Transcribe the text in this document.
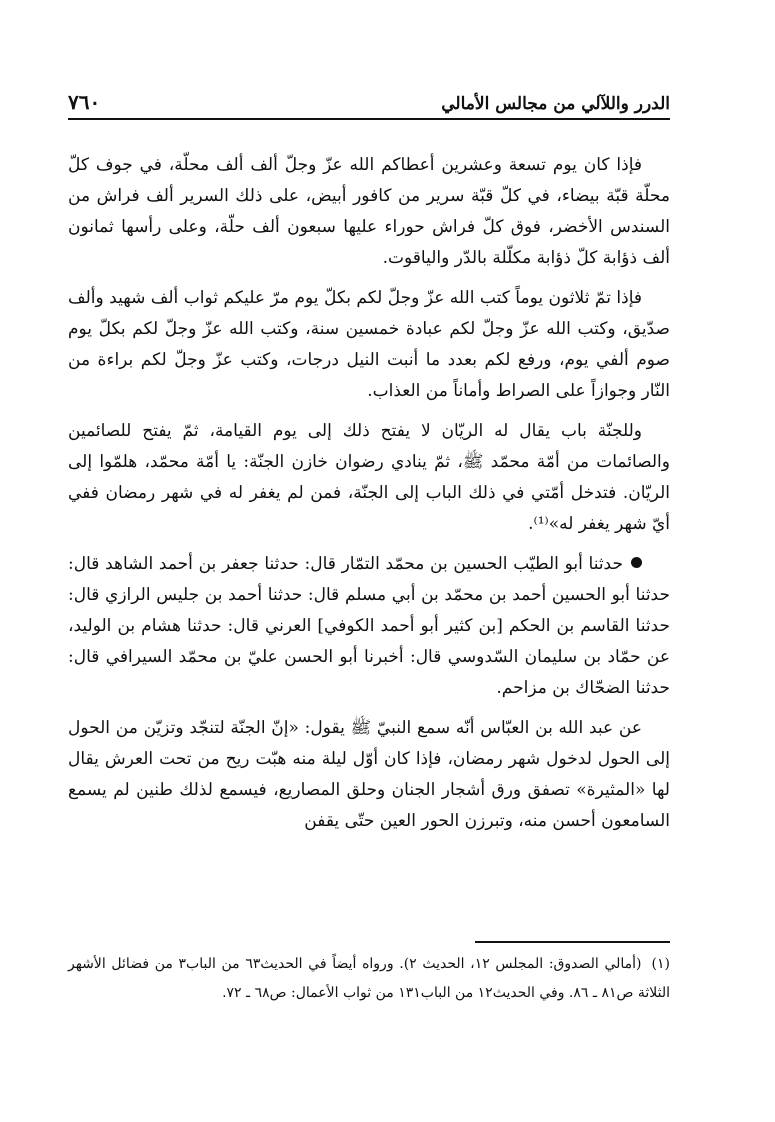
الدرر واللآلي من مجالس الأمالي
٧٦٠

فإذا كان يوم تسعة وعشرين أعطاكم الله عزّ وجلّ ألف ألف محلّة، في جوف كلّ محلّة قبّة بيضاء، في كلّ قبّة سرير من كافور أبيض، على ذلك السرير ألف فراش من السندس الأخضر، فوق كلّ فراش حوراء عليها سبعون ألف حلّة، وعلى رأسها ثمانون ألف ذؤابة كلّ ذؤابة مكلّلة بالدّر والياقوت.

فإذا تمّ ثلاثون يوماً كتب الله عزّ وجلّ لكم بكلّ يوم مرّ عليكم ثواب ألف شهيد وألف صدّيق، وكتب الله عزّ وجلّ لكم عبادة خمسين سنة، وكتب الله عزّ وجلّ لكم بكلّ يوم صوم ألفي يوم، ورفع لكم بعدد ما أنبت النيل درجات، وكتب عزّ وجلّ لكم براءة من النّار وجوازاً على الصراط وأماناً من العذاب.

وللجنّة باب يقال له الريّان لا يفتح ذلك إلى يوم القيامة، ثمّ يفتح للصائمين والصائمات من أمّة محمّد ﷺ، ثمّ ينادي رضوان خازن الجنّة: يا أمّة محمّد، هلمّوا إلى الريّان. فتدخل أمّتي في ذلك الباب إلى الجنّة، فمن لم يغفر له في شهر رمضان ففي أيّ شهر يغفر له»⁽¹⁾.

حدثنا أبو الطيّب الحسين بن محمّد التمّار قال: حدثنا جعفر بن أحمد الشاهد قال: حدثنا أبو الحسين أحمد بن محمّد بن أبي مسلم قال: حدثنا أحمد بن جليس الرازي قال: حدثنا القاسم بن الحكم [بن كثير أبو أحمد الكوفي] العرني قال: حدثنا هشام بن الوليد، عن حمّاد بن سليمان السّدوسي قال: أخبرنا أبو الحسن عليّ بن محمّد السيرافي قال: حدثنا الضحّاك بن مزاحم.

عن عبد الله بن العبّاس أنّه سمع النبيّ ﷺ يقول: «إنّ الجنّة لتنجّد وتزيّن من الحول إلى الحول لدخول شهر رمضان، فإذا كان أوّل ليلة منه هبّت ريح من تحت العرش يقال لها «المثيرة» تصفق ورق أشجار الجنان وحلق المصاريع، فيسمع لذلك طنين لم يسمع السامعون أحسن منه، وتبرزن الحور العين حتّى يقفن

(١)(أمالي الصدوق: المجلس ١٢، الحديث ٢). ورواه أيضاً في الحديث٦٣ من الباب٣ من فضائل الأشهر الثلاثة ص٨١ ـ ٨٦. وفي الحديث١٢ من الباب١٣١ من ثواب الأعمال: ص٦٨ ـ ٧٢.
